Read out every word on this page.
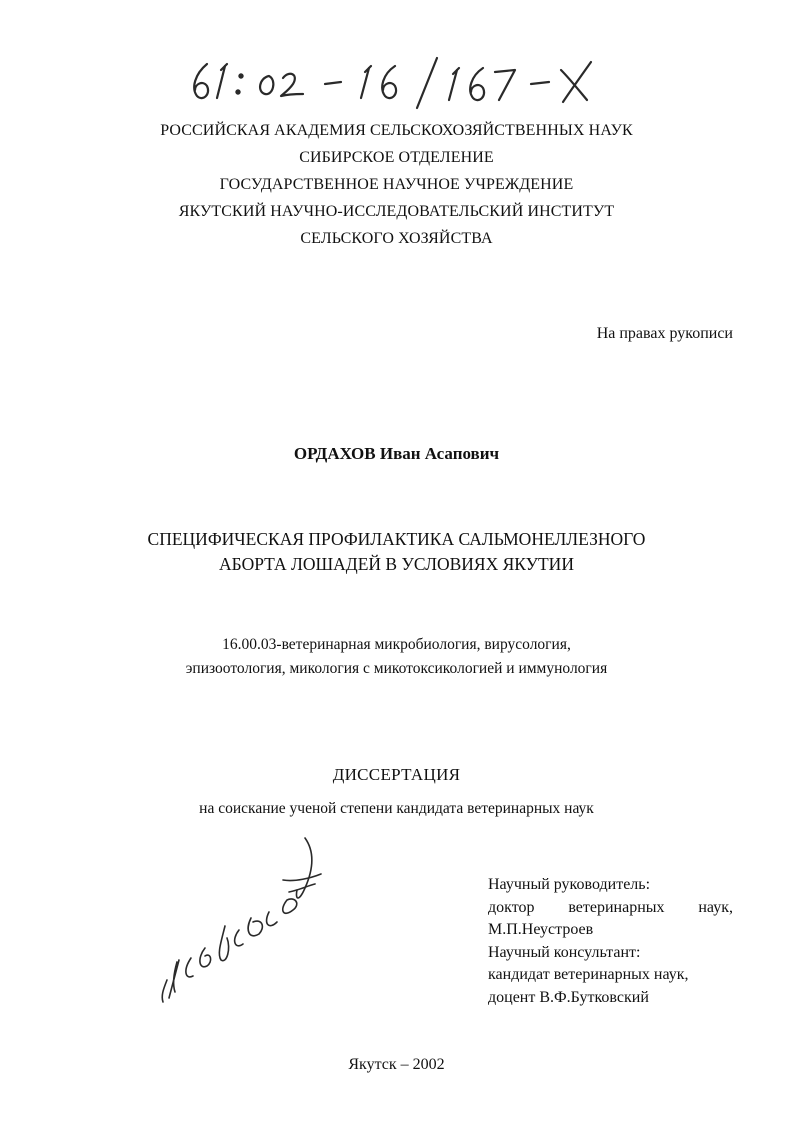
РОССИЙСКАЯ АКАДЕМИЯ СЕЛЬСКОХОЗЯЙСТВЕННЫХ НАУК
СИБИРСКОЕ ОТДЕЛЕНИЕ
ГОСУДАРСТВЕННОЕ НАУЧНОЕ УЧРЕЖДЕНИЕ
ЯКУТСКИЙ НАУЧНО-ИССЛЕДОВАТЕЛЬСКИЙ ИНСТИТУТ
СЕЛЬСКОГО ХОЗЯЙСТВА
На правах рукописи
ОРДАХОВ Иван Асапович
СПЕЦИФИЧЕСКАЯ ПРОФИЛАКТИКА САЛЬМОНЕЛЛЕЗНОГО
АБОРТА ЛОШАДЕЙ В УСЛОВИЯХ ЯКУТИИ
16.00.03-ветеринарная микробиология, вирусология,
эпизоотология, микология с микотоксикологией и иммунология
ДИССЕРТАЦИЯ
на соискание ученой степени кандидата ветеринарных наук
Научный руководитель:
доктор ветеринарных наук,
М.П.Неустроев
Научный консультант:
кандидат ветеринарных наук,
доцент В.Ф.Бутковский
Якутск – 2002
